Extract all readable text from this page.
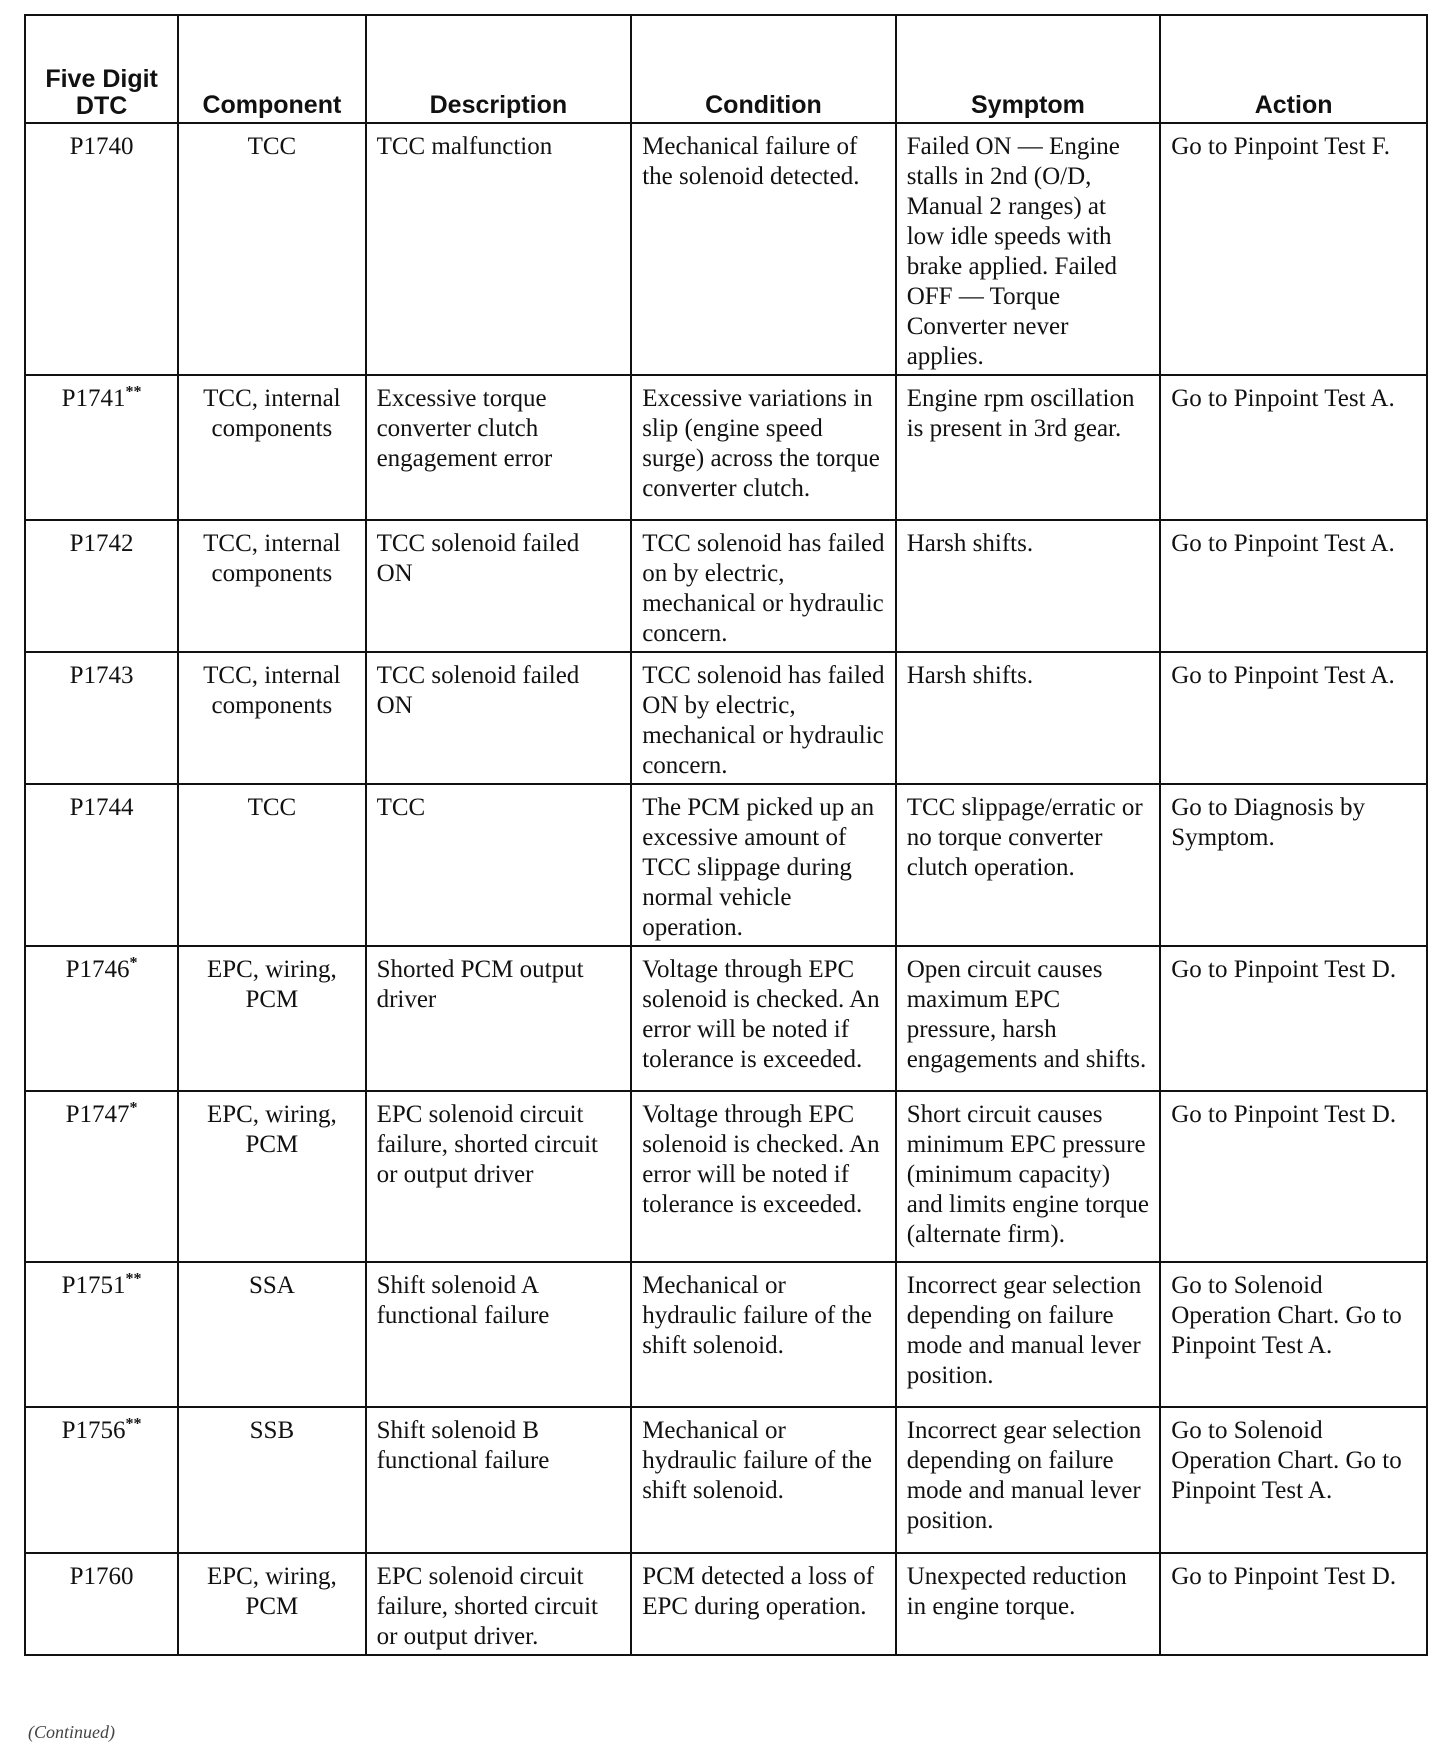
Five Digit DTC	Component	Description	Condition	Symptom	Action
P1740	TCC	TCC malfunction	Mechanical failure of the solenoid detected.	Failed ON — Engine stalls in 2nd (O/D, Manual 2 ranges) at low idle speeds with brake applied. Failed OFF — Torque Converter never applies.	Go to Pinpoint Test F.
P1741**	TCC, internal components	Excessive torque converter clutch engagement error	Excessive variations in slip (engine speed surge) across the torque converter clutch.	Engine rpm oscillation is present in 3rd gear.	Go to Pinpoint Test A.
P1742	TCC, internal components	TCC solenoid failed ON	TCC solenoid has failed on by electric, mechanical or hydraulic concern.	Harsh shifts.	Go to Pinpoint Test A.
P1743	TCC, internal components	TCC solenoid failed ON	TCC solenoid has failed ON by electric, mechanical or hydraulic concern.	Harsh shifts.	Go to Pinpoint Test A.
P1744	TCC	TCC	The PCM picked up an excessive amount of TCC slippage during normal vehicle operation.	TCC slippage/erratic or no torque converter clutch operation.	Go to Diagnosis by Symptom.
P1746*	EPC, wiring, PCM	Shorted PCM output driver	Voltage through EPC solenoid is checked. An error will be noted if tolerance is exceeded.	Open circuit causes maximum EPC pressure, harsh engagements and shifts.	Go to Pinpoint Test D.
P1747*	EPC, wiring, PCM	EPC solenoid circuit failure, shorted circuit or output driver	Voltage through EPC solenoid is checked. An error will be noted if tolerance is exceeded.	Short circuit causes minimum EPC pressure (minimum capacity) and limits engine torque (alternate firm).	Go to Pinpoint Test D.
P1751**	SSA	Shift solenoid A functional failure	Mechanical or hydraulic failure of the shift solenoid.	Incorrect gear selection depending on failure mode and manual lever position.	Go to Solenoid Operation Chart. Go to Pinpoint Test A.
P1756**	SSB	Shift solenoid B functional failure	Mechanical or hydraulic failure of the shift solenoid.	Incorrect gear selection depending on failure mode and manual lever position.	Go to Solenoid Operation Chart. Go to Pinpoint Test A.
P1760	EPC, wiring, PCM	EPC solenoid circuit failure, shorted circuit or output driver.	PCM detected a loss of EPC during operation.	Unexpected reduction in engine torque.	Go to Pinpoint Test D.
(Continued)
